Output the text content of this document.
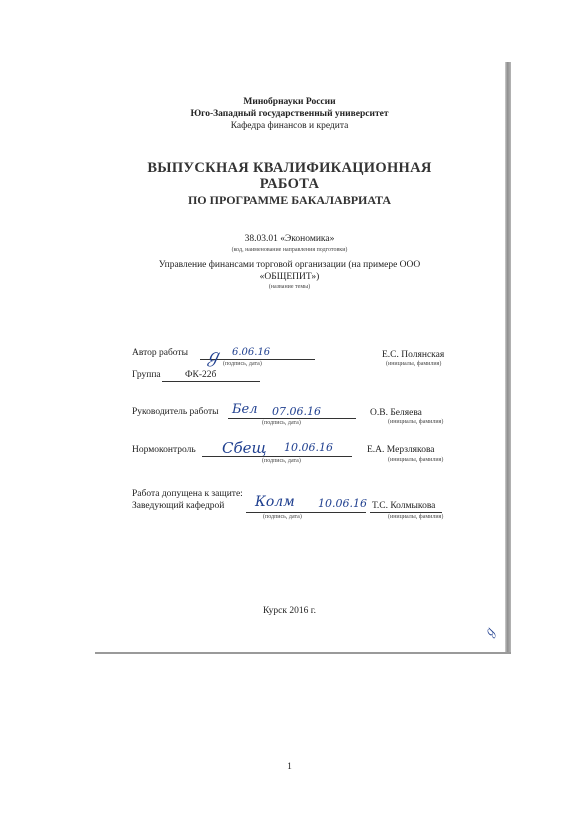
Минобрнауки России
Юго-Западный государственный университет
Кафедра финансов и кредита
ВЫПУСКНАЯ КВАЛИФИКАЦИОННАЯ
РАБОТА
ПО ПРОГРАММЕ БАКАЛАВРИАТА
38.03.01 «Экономика»
(код, наименование направления подготовки)
Управление финансами торговой организации (на примере ООО
«ОБЩЕПИТ»)
(название темы)
Автор работы ℊ 6.06.16
(подпись, дата)
Е.С. Полянская
(инициалы, фамилия)
Группа	ФК-22б
Руководитель работы Бел 07.06.16
(подпись, дата)
О.В. Беляева
(инициалы, фамилия)
Нормоконтроль Сбещ 10.06.16
(подпись, дата)
Е.А. Мерзлякова
(инициалы, фамилия)
Работа допущена к защите:
Заведующий кафедрой Колм 10.06.16
(подпись, дата)
Т.С. Колмыкова
(инициалы, фамилия)
Курск 2016 г.
ℊ
1
